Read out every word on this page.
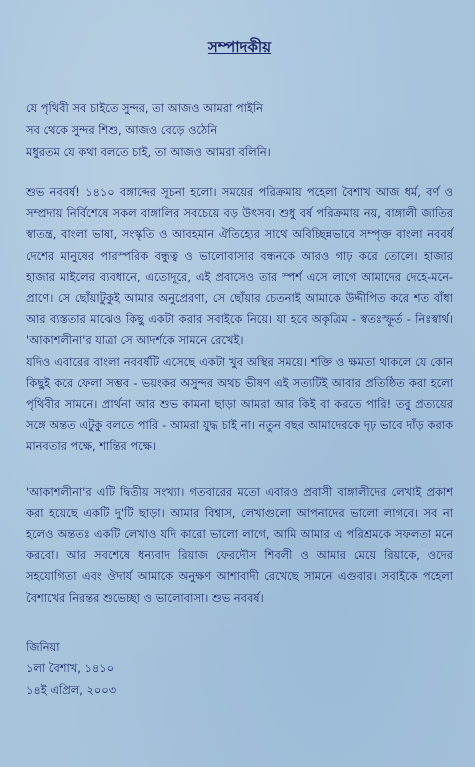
সম্পাদকীয়
যে পৃথিবী সব চাইতে সুন্দর, তা আজও আমরা পাইনি
সব থেকে সুন্দর শিশু, আজও বেড়ে ওঠেনি
মধুরতম যে কথা বলতে চাই, তা আজও আমরা বলিনি।

শুভ নববর্ষ! ১৪১০ বঙ্গাব্দের সূচনা হলো। সময়ের পরিক্রমায় পহেলা বৈশাখ আজ ধর্ম, বর্ণ ও সম্প্রদায় নির্বিশেষে সকল বাঙ্গালির সবচেয়ে বড় উৎসব। শুধু বর্ষ পরিক্রমায় নয়, বাঙ্গালী জাতির স্বাতন্ত্র, বাংলা ভাষা, সংস্কৃতি ও আবহমান ঐতিহ্যের সাথে অবিচ্ছিন্নভাবে সম্পৃক্ত বাংলা নববর্ষ দেশের মানুষের পারস্পরিক বন্ধুত্ব ও ভালোবাসার বন্ধনকে আরও গাঢ় করে তোলে। হাজার হাজার মাইলের ব্যবধানে, এতোদূরে, এই প্রবাসেও তার স্পর্শ এসে লাগে আমাদের দেহে-মনে-প্রাণে। সে ছোঁয়াটুকুই আমার অনুপ্রেরণা, সে ছোঁয়ার চেতনাই আমাকে উদ্দীপিত করে শত বাঁধা আর ব্যস্ততার মাঝেও কিছু একটা করার সবাইকে নিয়ে। যা হবে অকৃত্রিম - স্বতঃস্ফূর্ত - নিঃস্বার্থ। 'আকাশলীনা'র যাত্রা সে আদর্শকে সামনে রেখেই।

যদিও এবারের বাংলা নববর্ষটি এসেছে একটা খুব অস্থির সময়ে। শক্তি ও ক্ষমতা থাকলে যে কোন কিছুই করে ফেলা সম্ভব - ভয়ংকর অসুন্দর অথচ ভীষণ এই সত্যটিই আবার প্রতিষ্ঠিত করা হলো পৃথিবীর সামনে। প্রার্থনা আর শুভ কামনা ছাড়া আমরা আর কিই বা করতে পারি! তবু প্রত্যয়ের সঙ্গে অন্তত এটুকু বলতে পারি - আমরা যুদ্ধ চাই না। নতুন বছর আমাদেরকে দৃঢ় ভাবে দাঁড় করাক মানবতার পক্ষে, শান্তির পক্ষে।

'আকাশলীনা'র এটি দ্বিতীয় সংখ্যা। গতবারের মতো এবারও প্রবাসী বাঙ্গালীদের লেখাই প্রকাশ করা হয়েছে একটি দু'টি ছাড়া। আমার বিশ্বাস, লেখাগুলো আপনাদের ভালো লাগবে। সব না হলেও অন্ততঃ একটি লেখাও যদি কারো ভালো লাগে, আমি আমার এ পরিশ্রমকে সফলতা মনে করবো। আর সবশেষে ধন্যবাদ রিয়াজ ফেরদৌস শিবলী ও আমার মেয়ে রিয়াকে, ওদের সহযোগিতা এবং ঔদার্য আমাকে অনুক্ষণ আশাবাদী রেখেছে সামনে এগুবার। সবাইকে পহেলা বৈশাখের নিরন্তর শুভেচ্ছা ও ভালোবাসা। শুভ নববর্ষ।

জিনিয়া
১লা বৈশাখ, ১৪১০
১৪ই এপ্রিল, ২০০৩
